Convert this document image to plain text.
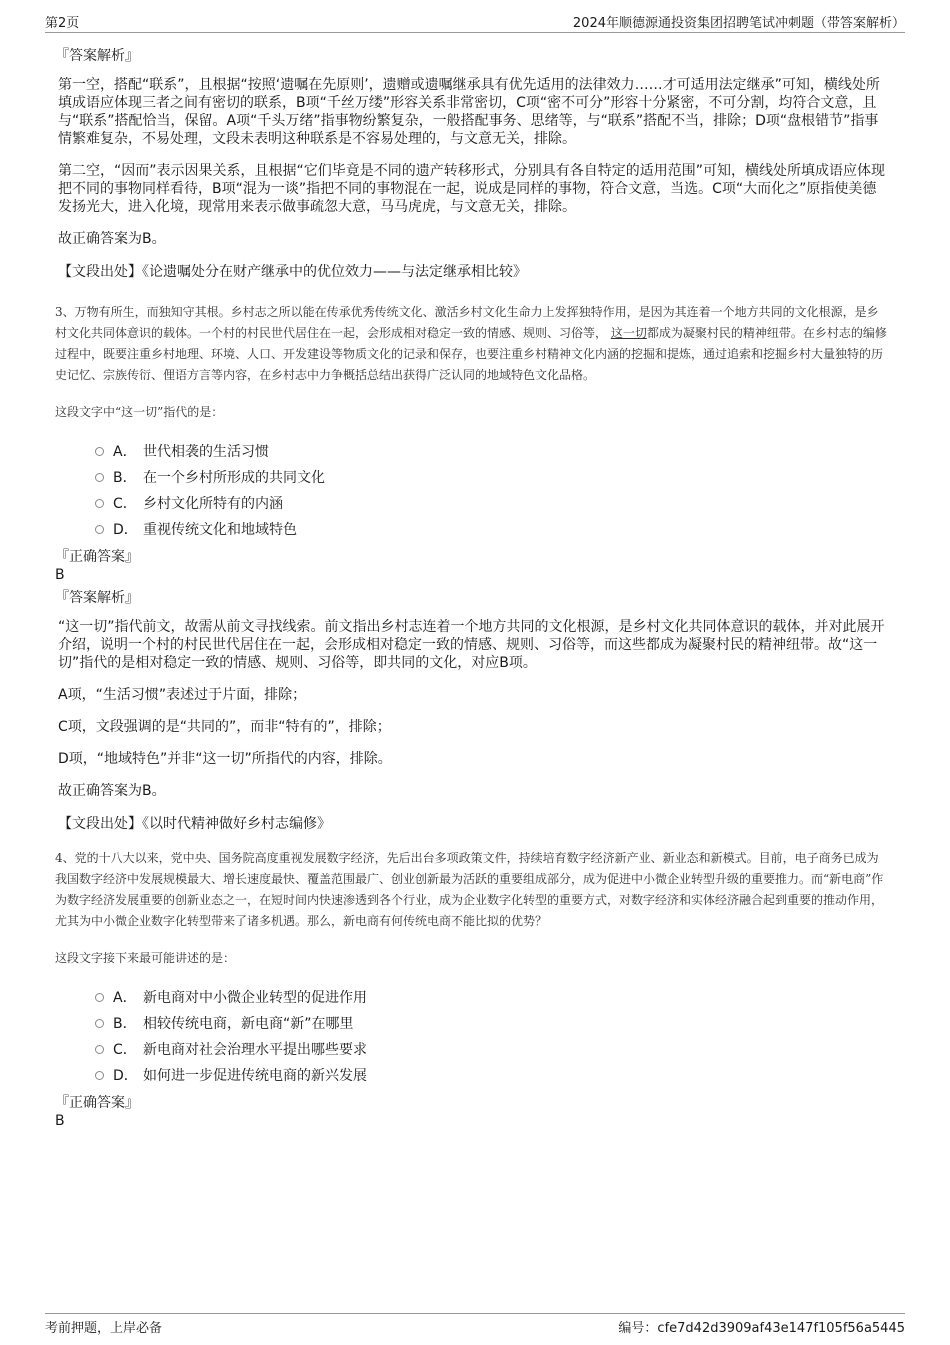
第2页	2024年顺德源通投资集团招聘笔试冲刺题（带答案解析）
『答案解析』

第一空，搭配“联系”，且根据“按照‘遗嘱在先原则’，遗赠或遗嘱继承具有优先适用的法律效力……才可适用法定继承”可知，横线处所填成语应体现三者之间有密切的联系，B项“千丝万缕”形容关系非常密切，C项“密不可分”形容十分紧密，不可分割，均符合文意，且与“联系”搭配恰当，保留。A项“千头万绪”指事物纷繁复杂，一般搭配事务、思绪等，与“联系”搭配不当，排除；D项“盘根错节”指事情繁难复杂，不易处理，文段未表明这种联系是不容易处理的，与文意无关，排除。

第二空，“因而”表示因果关系，且根据“它们毕竟是不同的遗产转移形式，分别具有各自特定的适用范围”可知，横线处所填成语应体现把不同的事物同样看待，B项“混为一谈”指把不同的事物混在一起，说成是同样的事物，符合文意，当选。C项“大而化之”原指使美德发扬光大，进入化境，现常用来表示做事疏忽大意，马马虎虎，与文意无关，排除。

故正确答案为B。

【文段出处】《论遗嘱处分在财产继承中的优位效力——与法定继承相比较》

3、万物有所生，而独知守其根。乡村志之所以能在传承优秀传统文化、激活乡村文化生命力上发挥独特作用，是因为其连着一个地方共同的文化根源，是乡村文化共同体意识的载体。一个村的村民世代居住在一起，会形成相对稳定一致的情感、规则、习俗等， 这一切都成为凝聚村民的精神纽带。在乡村志的编修过程中，既要注重乡村地理、环境、人口、开发建设等物质文化的记录和保存，也要注重乡村精神文化内涵的挖掘和提炼，通过追索和挖掘乡村大量独特的历史记忆、宗族传衍、俚语方言等内容，在乡村志中力争概括总结出获得广泛认同的地域特色文化品格。

这段文字中“这一切”指代的是：

A． 世代相袭的生活习惯
B． 在一个乡村所形成的共同文化
C． 乡村文化所特有的内涵
D． 重视传统文化和地域特色
『正确答案』

B

『答案解析』

“这一切”指代前文，故需从前文寻找线索。前文指出乡村志连着一个地方共同的文化根源，是乡村文化共同体意识的载体，并对此展开介绍，说明一个村的村民世代居住在一起，会形成相对稳定一致的情感、规则、习俗等，而这些都成为凝聚村民的精神纽带。故“这一切”指代的是相对稳定一致的情感、规则、习俗等，即共同的文化，对应B项。

A项，“生活习惯”表述过于片面，排除；

C项，文段强调的是“共同的”，而非“特有的”，排除；

D项，“地域特色”并非“这一切”所指代的内容，排除。

故正确答案为B。

【文段出处】《以时代精神做好乡村志编修》

4、党的十八大以来，党中央、国务院高度重视发展数字经济，先后出台多项政策文件，持续培育数字经济新产业、新业态和新模式。目前，电子商务已成为我国数字经济中发展规模最大、增长速度最快、覆盖范围最广、创业创新最为活跃的重要组成部分，成为促进中小微企业转型升级的重要推力。而“新电商”作为数字经济发展重要的创新业态之一，在短时间内快速渗透到各个行业，成为企业数字化转型的重要方式，对数字经济和实体经济融合起到重要的推动作用，尤其为中小微企业数字化转型带来了诸多机遇。那么，新电商有何传统电商不能比拟的优势？

这段文字接下来最可能讲述的是：

A． 新电商对中小微企业转型的促进作用
B． 相较传统电商，新电商“新”在哪里
C． 新电商对社会治理水平提出哪些要求
D． 如何进一步促进传统电商的新兴发展
『正确答案』

B

考前押题，上岸必备	编号：cfe7d42d3909af43e147f105f56a5445
